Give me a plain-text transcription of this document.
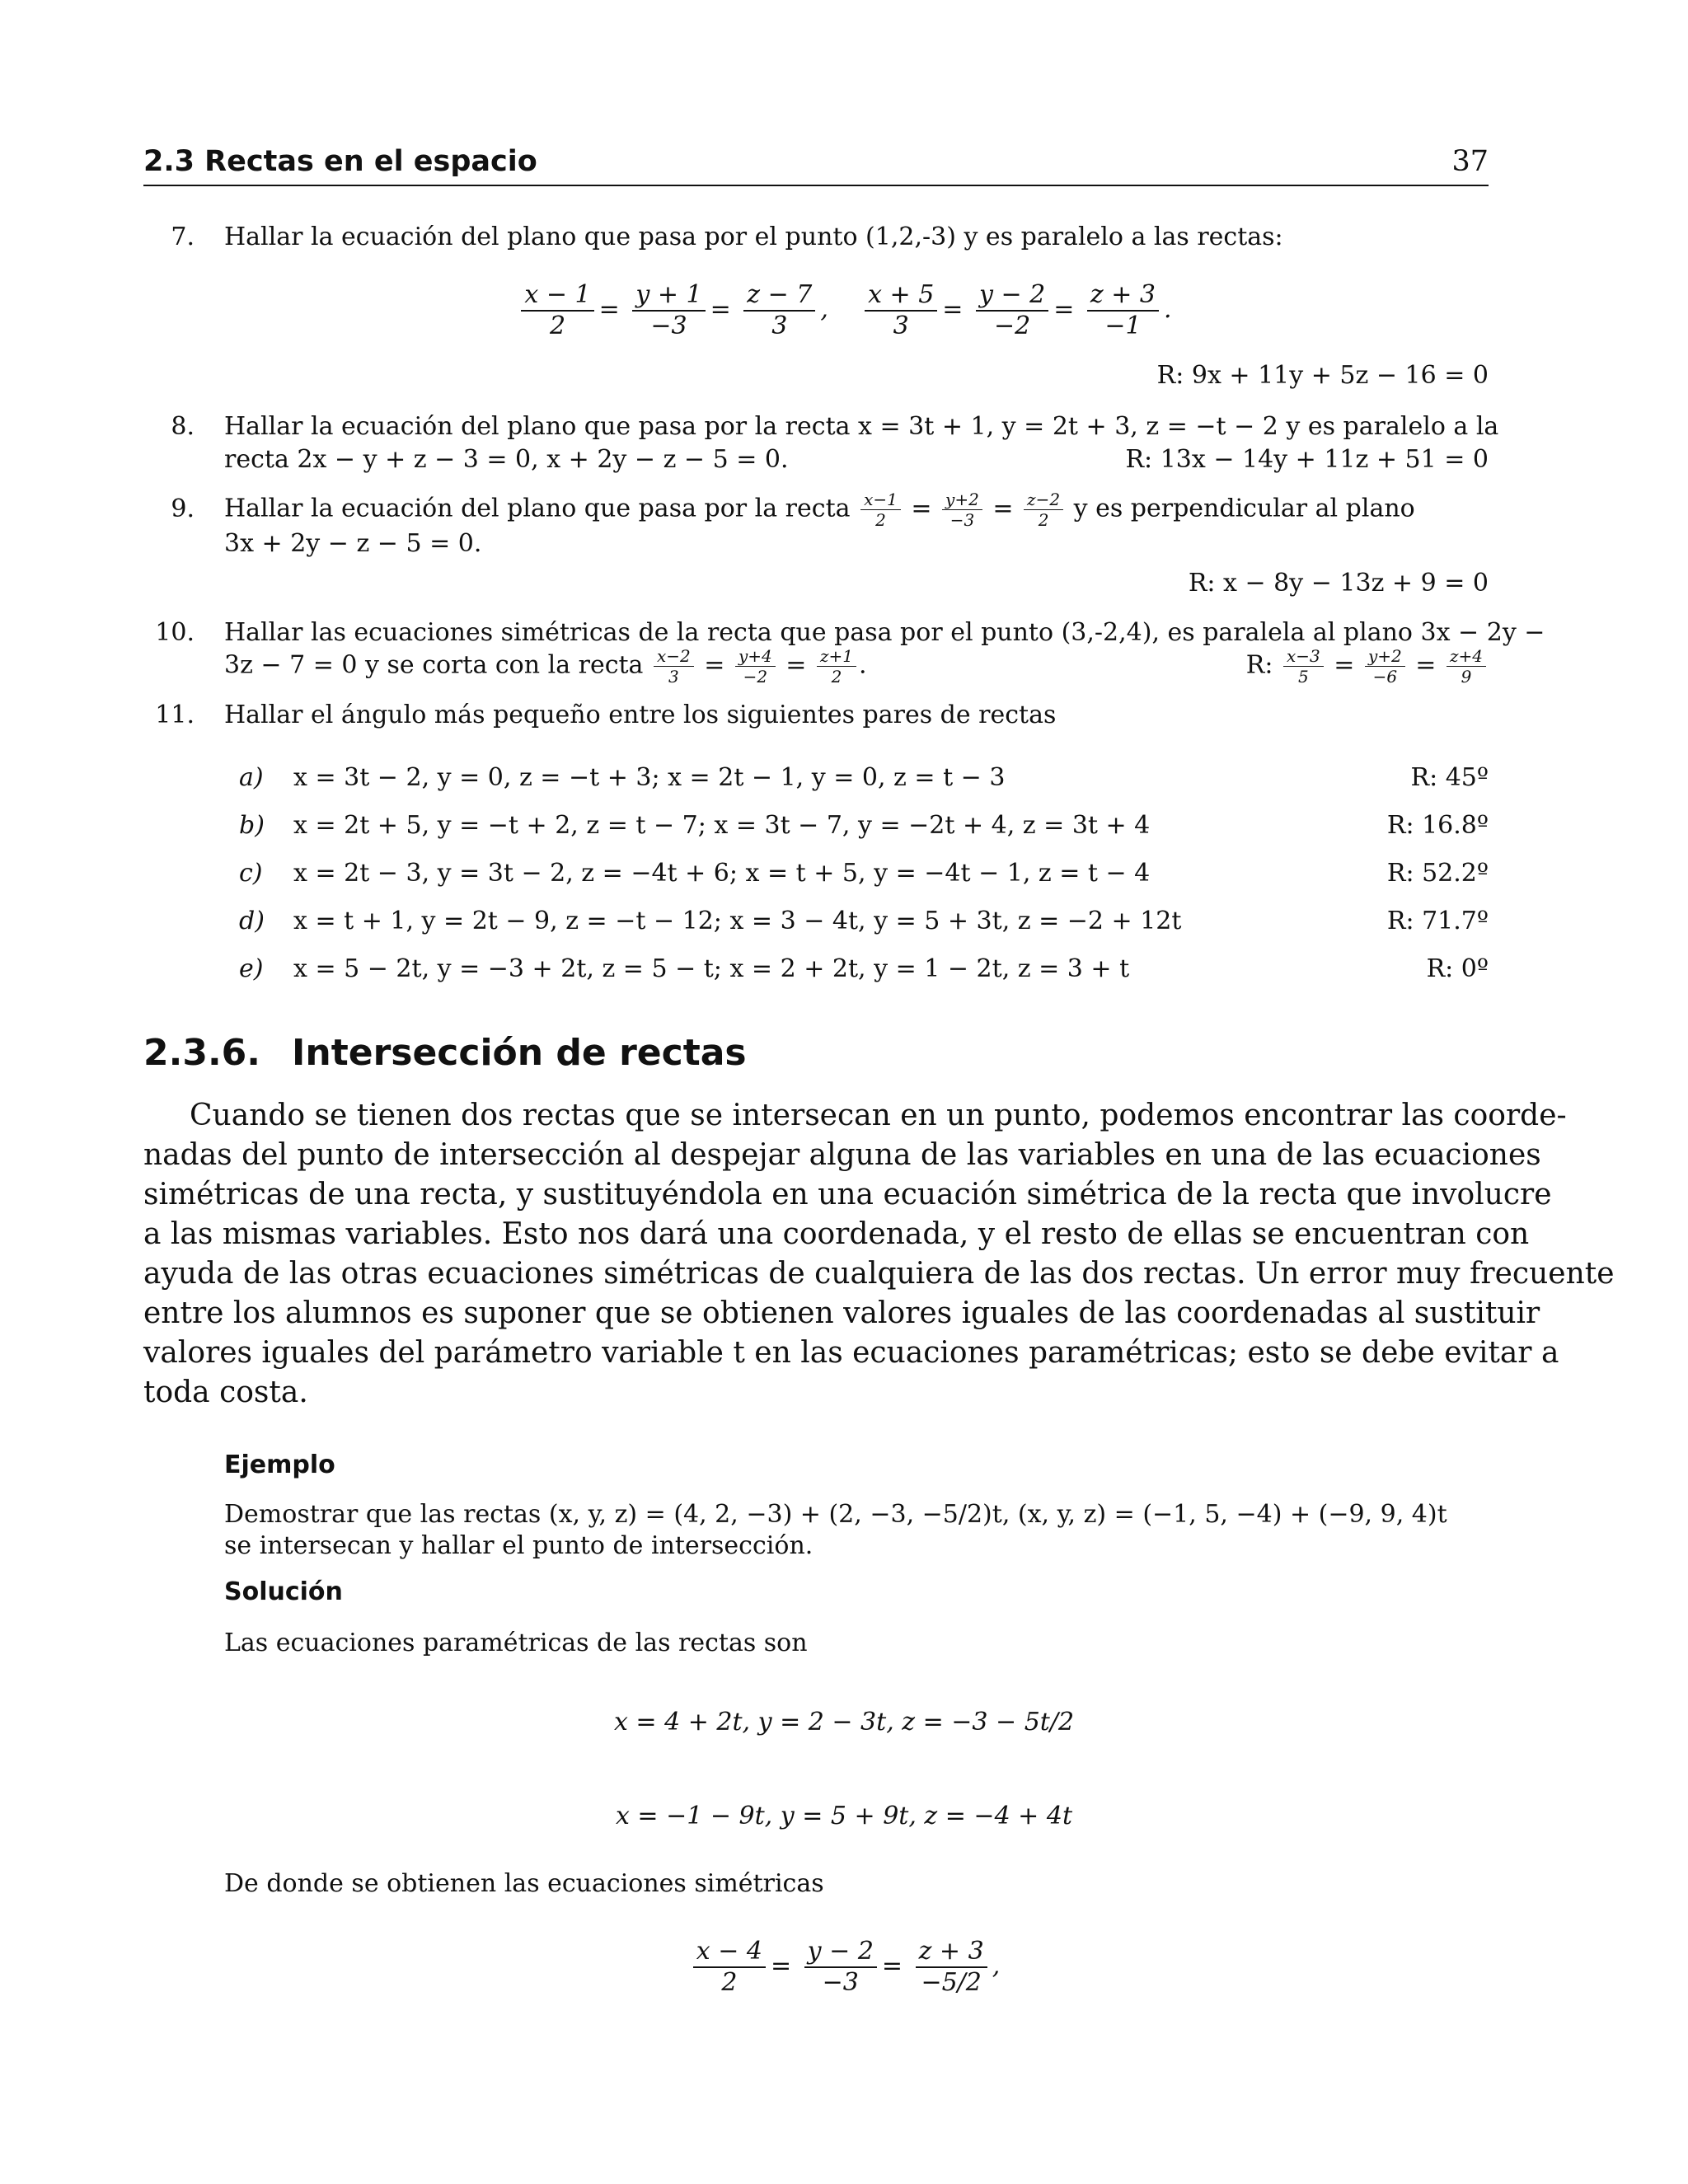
2.3 Rectas en el espacio	37
7. Hallar la ecuación del plano que pasa por el punto (1,2,-3) y es paralelo a las rectas:
$\frac{x - 1}{2} = \frac{y + 1}{-3} = \frac{z - 7}{3}$ , $\frac{x + 5}{3} = \frac{y - 2}{-2} = \frac{z + 3}{-1}$ .
R: 9x + 11y + 5z − 16 = 0
8. Hallar la ecuación del plano que pasa por la recta x = 3t + 1, y = 2t + 3, z = −t − 2 y es paralelo a la
recta 2x − y + z − 3 = 0, x + 2y − z − 5 = 0.	R: 13x − 14y + 11z + 51 = 0
9. Hallar la ecuación del plano que pasa por la recta $\frac{x-1}{2} = \frac{y+2}{-3} = \frac{z-2}{2}$ y es perpendicular al plano
3x + 2y − z − 5 = 0.
R: x − 8y − 13z + 9 = 0
10. Hallar las ecuaciones simétricas de la recta que pasa por el punto (3,-2,4), es paralela al plano 3x − 2y −
3z − 7 = 0 y se corta con la recta $\frac{x-2}{3} = \frac{y+4}{-2} = \frac{z+1}{2}$ .	R: $\frac{x-3}{5} = \frac{y+2}{-6} = \frac{z+4}{9}$
11. Hallar el ángulo más pequeño entre los siguientes pares de rectas
a) x = 3t − 2, y = 0, z = −t + 3; x = 2t − 1, y = 0, z = t − 3	R: 45º
b) x = 2t + 5, y = −t + 2, z = t − 7; x = 3t − 7, y = −2t + 4, z = 3t + 4	R: 16.8º
c) x = 2t − 3, y = 3t − 2, z = −4t + 6; x = t + 5, y = −4t − 1, z = t − 4	R: 52.2º
d) x = t + 1, y = 2t − 9, z = −t − 12; x = 3 − 4t, y = 5 + 3t, z = −2 + 12t	R: 71.7º
e) x = 5 − 2t, y = −3 + 2t, z = 5 − t; x = 2 + 2t, y = 1 − 2t, z = 3 + t	R: 0º
2.3.6. Intersección de rectas
Cuando se tienen dos rectas que se intersecan en un punto, podemos encontrar las coorde-
nadas del punto de intersección al despejar alguna de las variables en una de las ecuaciones
simétricas de una recta, y sustituyéndola en una ecuación simétrica de la recta que involucre
a las mismas variables. Esto nos dará una coordenada, y el resto de ellas se encuentran con
ayuda de las otras ecuaciones simétricas de cualquiera de las dos rectas. Un error muy frecuente
entre los alumnos es suponer que se obtienen valores iguales de las coordenadas al sustituir
valores iguales del parámetro variable t en las ecuaciones paramétricas; esto se debe evitar a
toda costa.
Ejemplo
Demostrar que las rectas (x, y, z) = (4, 2, −3) + (2, −3, −5/2)t, (x, y, z) = (−1, 5, −4) + (−9, 9, 4)t
se intersecan y hallar el punto de intersección.
Solución
Las ecuaciones paramétricas de las rectas son
x = 4 + 2t, y = 2 − 3t, z = −3 − 5t/2
x = −1 − 9t, y = 5 + 9t, z = −4 + 4t
De donde se obtienen las ecuaciones simétricas
$\frac{x - 4}{2} = \frac{y - 2}{-3} = \frac{z + 3}{-5/2}$ ,
